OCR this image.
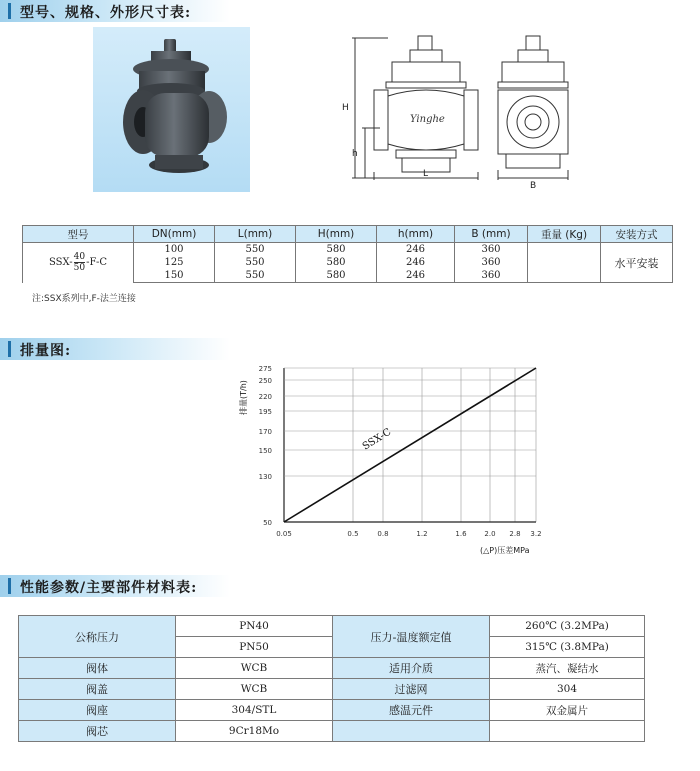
型号、规格、外形尺寸表:
Yinghe
H
h
L
B
型号	DN(mm)	L(mm)	H(mm)	h(mm)	B (mm)	重量 (Kg)	安装方式

SSX- 40
50
-F-C	100	550	580	246	360		水平安装
	125	550	580	246	360		
	150	550	580	246	360		
注:SSX系列中,F-法兰连接
排量图:
0.05	0.5	0.8	1.2	1.6	2.0 2.8 3.2
50
130
150
170
195
220
250
275
SSX-C
排量(T/h)
(△P)压差MPa
性能参数/主要部件材料表:
公称压力	PN40	压力-温度额定值	260℃ (3.2MPa)
	PN50		315℃ (3.8MPa)
阀体	WCB	适用介质	蒸汽、凝结水
阀盖	WCB	过滤网	304
阀座	304/STL	感温元件	双金属片
阀芯	9Cr18Mo		
